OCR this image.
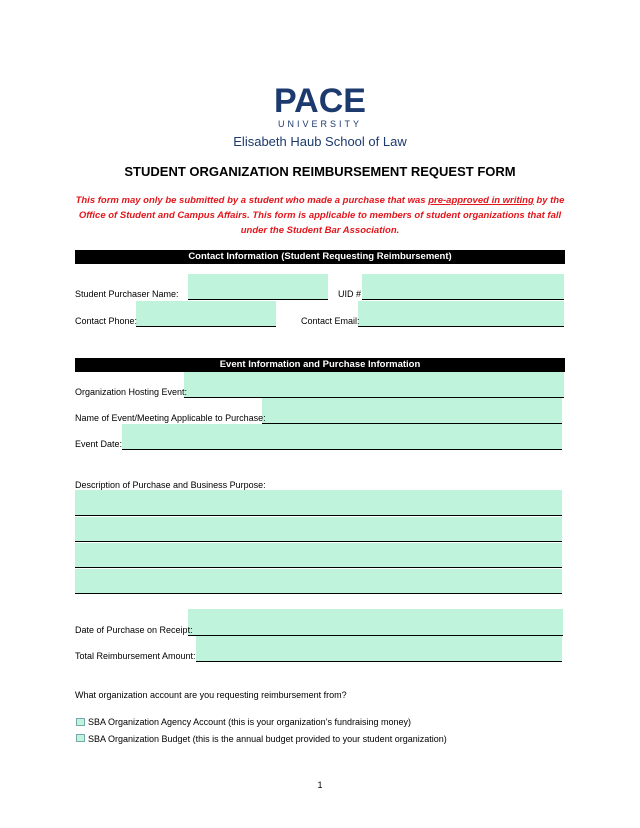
PACE
UNIVERSITY
Elisabeth Haub School of Law
STUDENT ORGANIZATION REIMBURSEMENT REQUEST FORM
This form may only be submitted by a student who made a purchase that was pre-approved in writing by the Office of Student and Campus Affairs. This form is applicable to members of student organizations that fall under the Student Bar Association.
Contact Information (Student Requesting Reimbursement)
Student Purchaser Name:	UID #
Contact Phone:	Contact Email:
Event Information and Purchase Information
Organization Hosting Event:
Name of Event/Meeting Applicable to Purchase:
Event Date:
Description of Purchase and Business Purpose:
Date of Purchase on Receipt:
Total Reimbursement Amount:
What organization account are you requesting reimbursement from?
SBA Organization Agency Account (this is your organization’s fundraising money)
SBA Organization Budget (this is the annual budget provided to your student organization)
1
